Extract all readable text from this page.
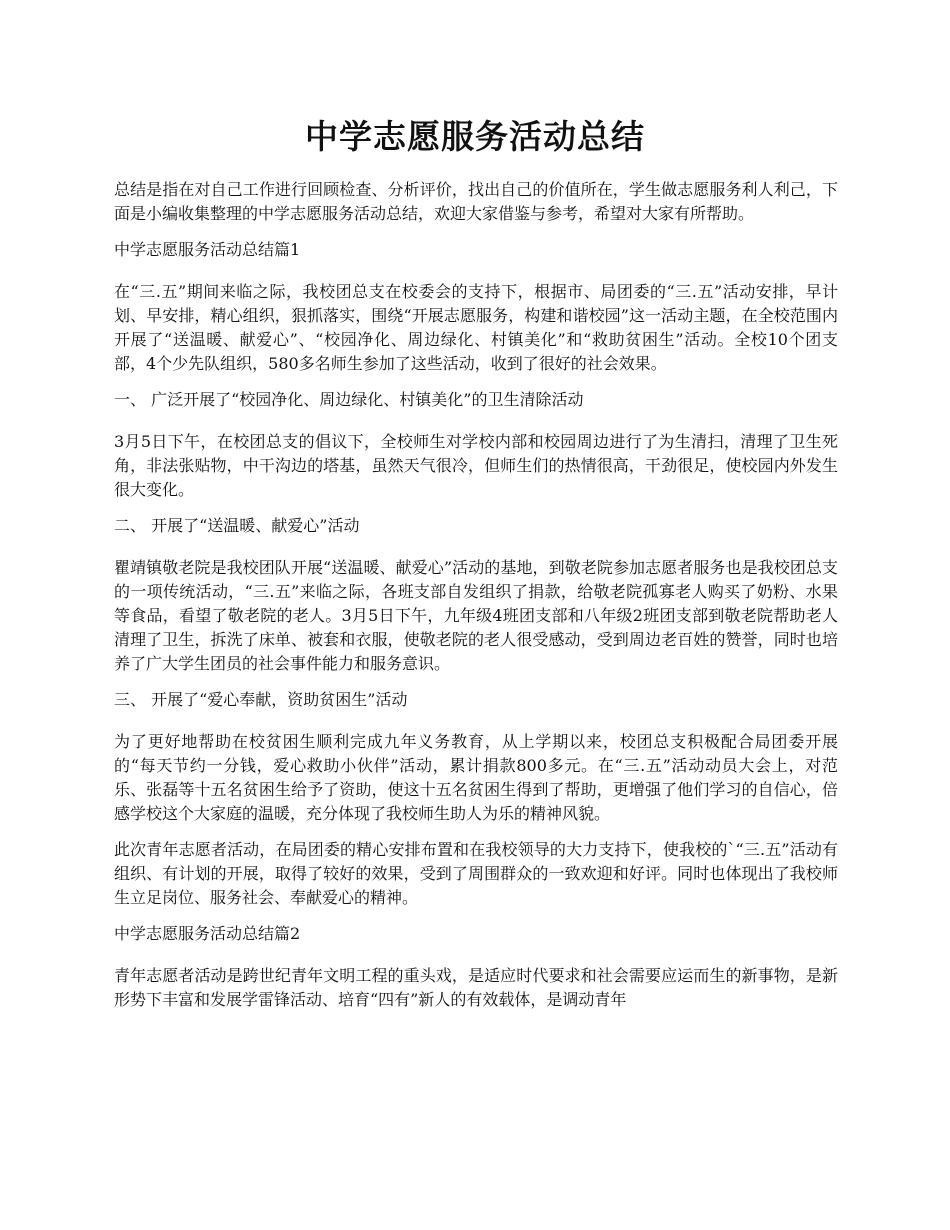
中学志愿服务活动总结

总结是指在对自己工作进行回顾检查、分析评价，找出自己的价值所在，学生做志愿服务利人利己，下面是小编收集整理的中学志愿服务活动总结，欢迎大家借鉴与参考，希望对大家有所帮助。

中学志愿服务活动总结篇1

在“三.五”期间来临之际，我校团总支在校委会的支持下，根据市、局团委的“三.五”活动安排，早计划、早安排，精心组织，狠抓落实，围绕“开展志愿服务，构建和谐校园”这一活动主题，在全校范围内开展了“送温暖、献爱心”、“校园净化、周边绿化、村镇美化”和“救助贫困生”活动。全校10个团支部，4个少先队组织，580多名师生参加了这些活动，收到了很好的社会效果。

一、 广泛开展了“校园净化、周边绿化、村镇美化”的卫生清除活动

3月5日下午，在校团总支的倡议下，全校师生对学校内部和校园周边进行了为生清扫，清理了卫生死角，非法张贴物，中干沟边的塔基，虽然天气很冷，但师生们的热情很高，干劲很足，使校园内外发生很大变化。

二、 开展了“送温暖、献爱心”活动

瞿靖镇敬老院是我校团队开展“送温暖、献爱心”活动的基地，到敬老院参加志愿者服务也是我校团总支的一项传统活动，“三.五”来临之际，各班支部自发组织了捐款，给敬老院孤寡老人购买了奶粉、水果等食品，看望了敬老院的老人。3月5日下午，九年级4班团支部和八年级2班团支部到敬老院帮助老人清理了卫生，拆洗了床单、被套和衣服，使敬老院的老人很受感动，受到周边老百姓的赞誉，同时也培养了广大学生团员的社会事件能力和服务意识。

三、 开展了“爱心奉献，资助贫困生”活动

为了更好地帮助在校贫困生顺利完成九年义务教育，从上学期以来，校团总支积极配合局团委开展的“每天节约一分钱，爱心救助小伙伴”活动，累计捐款800多元。在“三.五”活动动员大会上，对范乐、张磊等十五名贫困生给予了资助，使这十五名贫困生得到了帮助，更增强了他们学习的自信心，倍感学校这个大家庭的温暖，充分体现了我校师生助人为乐的精神风貌。

此次青年志愿者活动，在局团委的精心安排布置和在我校领导的大力支持下，使我校的`“三.五”活动有组织、有计划的开展，取得了较好的效果，受到了周围群众的一致欢迎和好评。同时也体现出了我校师生立足岗位、服务社会、奉献爱心的精神。

中学志愿服务活动总结篇2

青年志愿者活动是跨世纪青年文明工程的重头戏，是适应时代要求和社会需要应运而生的新事物，是新形势下丰富和发展学雷锋活动、培育“四有”新人的有效载体，是调动青年
